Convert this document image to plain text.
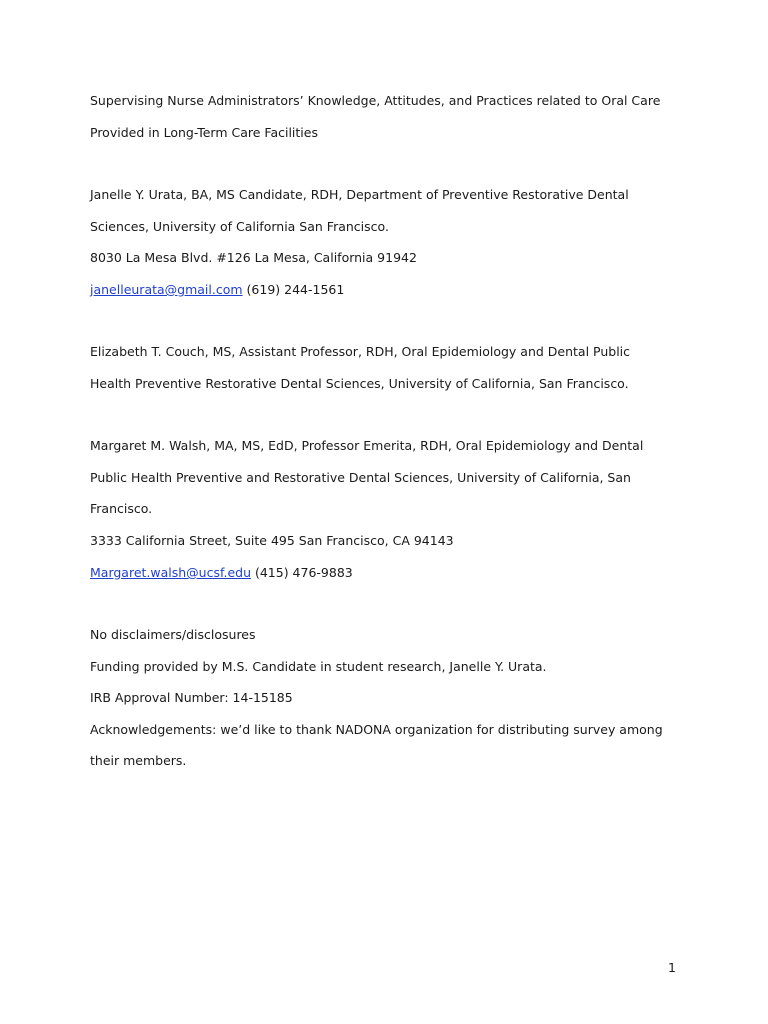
Supervising Nurse Administrators’ Knowledge, Attitudes, and Practices related to Oral Care
Provided in Long-Term Care Facilities
Janelle Y. Urata, BA, MS Candidate, RDH, Department of Preventive Restorative Dental
Sciences, University of California San Francisco.
8030 La Mesa Blvd. #126 La Mesa, California 91942
janelleurata@gmail.com (619) 244-1561
Elizabeth T. Couch, MS, Assistant Professor, RDH, Oral Epidemiology and Dental Public
Health Preventive Restorative Dental Sciences, University of California, San Francisco.
Margaret M. Walsh, MA, MS, EdD, Professor Emerita, RDH, Oral Epidemiology and Dental
Public Health Preventive and Restorative Dental Sciences, University of California, San
Francisco.
3333 California Street, Suite 495 San Francisco, CA 94143
Margaret.walsh@ucsf.edu (415) 476-9883
No disclaimers/disclosures
Funding provided by M.S. Candidate in student research, Janelle Y. Urata.
IRB Approval Number: 14-15185
Acknowledgements: we’d like to thank NADONA organization for distributing survey among
their members.
1
